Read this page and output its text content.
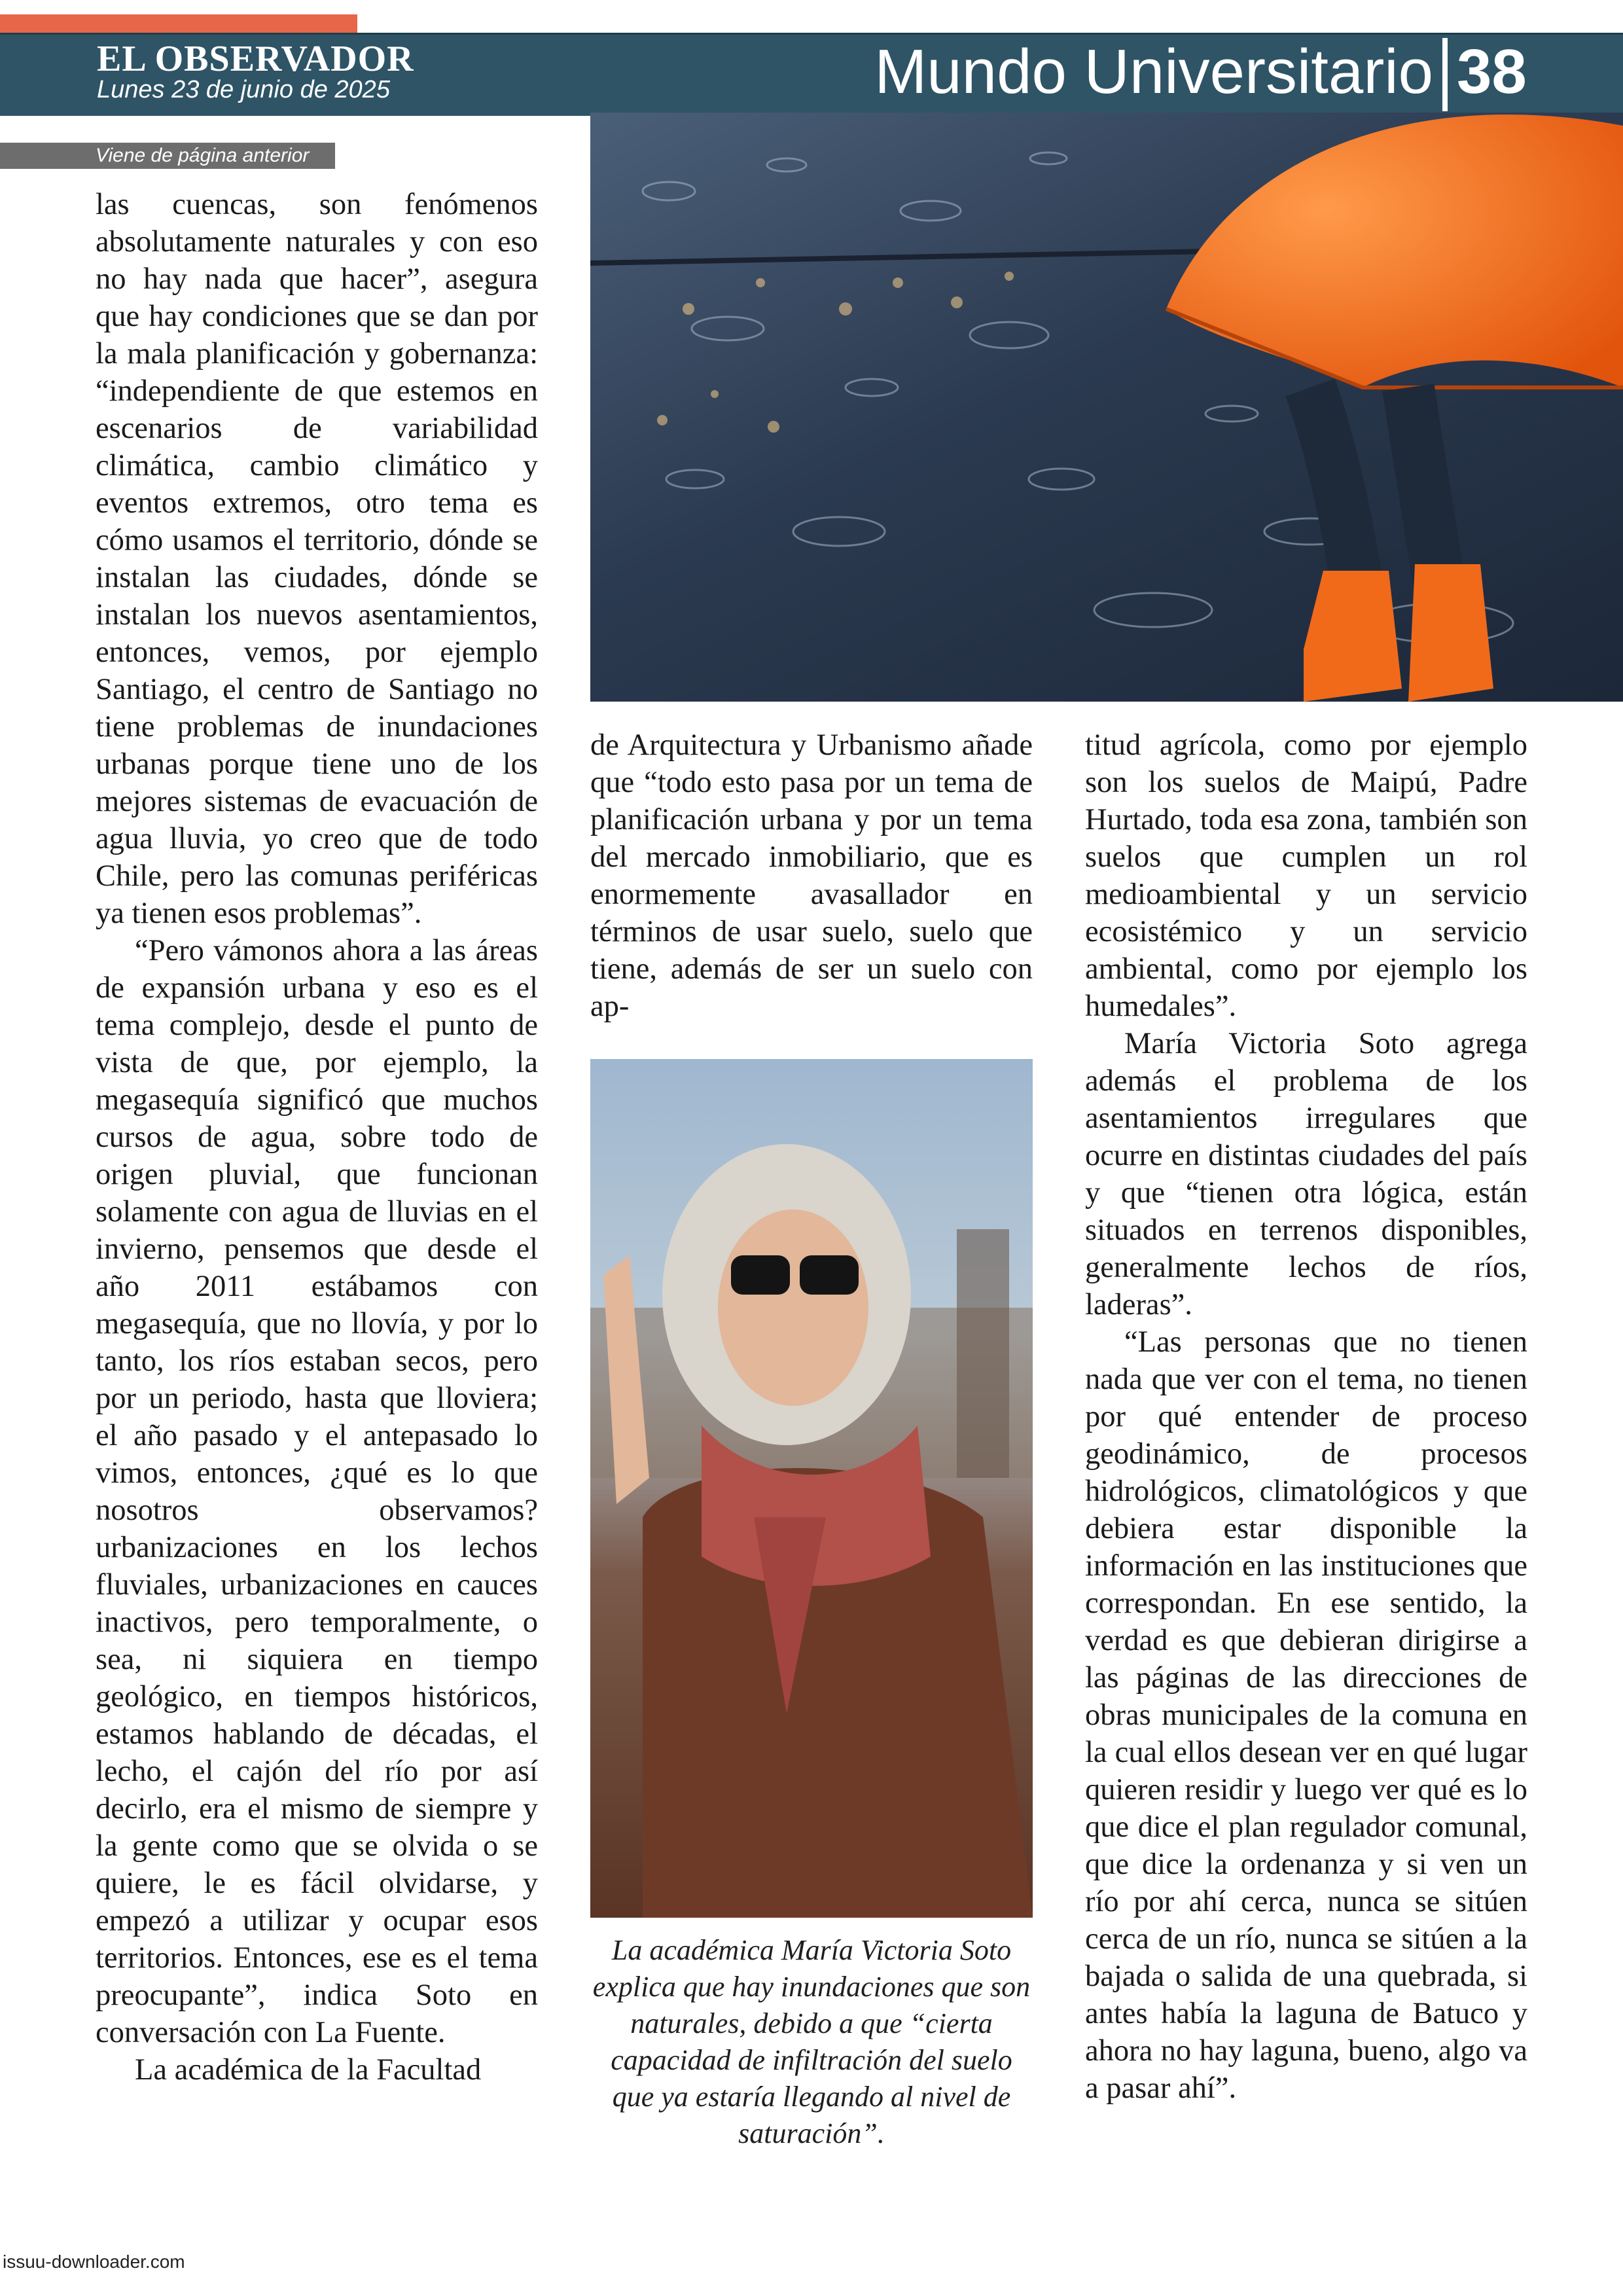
EL OBSERVADOR
Lunes 23 de junio de 2025	Mundo Universitario 38
Viene de página anterior

las cuencas, son fenómenos absolutamente naturales y con eso no hay nada que hacer”, asegura que hay condiciones que se dan por la mala planificación y gobernanza: “independiente de que estemos en escenarios de variabilidad climática, cambio climático y eventos extremos, otro tema es cómo usamos el territorio, dónde se instalan las ciudades, dónde se instalan los nuevos asentamientos, entonces, vemos, por ejemplo Santiago, el centro de Santiago no tiene problemas de inundaciones urbanas porque tiene uno de los mejores sistemas de evacuación de agua lluvia, yo creo que de todo Chile, pero las comunas periféricas ya tienen esos problemas”.

“Pero vámonos ahora a las áreas de expansión urbana y eso es el tema complejo, desde el punto de vista de que, por ejemplo, la megasequía significó que muchos cursos de agua, sobre todo de origen pluvial, que funcionan solamente con agua de lluvias en el invierno, pensemos que desde el año 2011 estábamos con megasequía, que no llovía, y por lo tanto, los ríos estaban secos, pero por un periodo, hasta que lloviera; el año pasado y el antepasado lo vimos, entonces, ¿qué es lo que nosotros observamos? urbanizaciones en los lechos fluviales, urbanizaciones en cauces inactivos, pero temporalmente, o sea, ni siquiera en tiempo geológico, en tiempos históricos, estamos hablando de décadas, el lecho, el cajón del río por así decirlo, era el mismo de siempre y la gente como que se olvida o se quiere, le es fácil olvidarse, y empezó a utilizar y ocupar esos territorios. Entonces, ese es el tema preocupante”, indica Soto en conversación con La Fuente.

La académica de la Facultad

de Arquitectura y Urbanismo añade que “todo esto pasa por un tema de planificación urbana y por un tema del mercado inmobiliario, que es enormemente avasallador en términos de usar suelo, suelo que tiene, además de ser un suelo con ap-

La académica María Victoria Soto explica que hay inundaciones que son naturales, debido a que “cierta capacidad de infiltración del suelo que ya estaría llegando al nivel de saturación”.

titud agrícola, como por ejemplo son los suelos de Maipú, Padre Hurtado, toda esa zona, también son suelos que cumplen un rol medioambiental y un servicio ecosistémico y un servicio ambiental, como por ejemplo los humedales”.

María Victoria Soto agrega además el problema de los asentamientos irregulares que ocurre en distintas ciudades del país y que “tienen otra lógica, están situados en terrenos disponibles, generalmente lechos de ríos, laderas”.

“Las personas que no tienen nada que ver con el tema, no tienen por qué entender de proceso geodinámico, de procesos hidrológicos, climatológicos y que debiera estar disponible la información en las instituciones que correspondan. En ese sentido, la verdad es que debieran dirigirse a las páginas de las direcciones de obras municipales de la comuna en la cual ellos desean ver en qué lugar quieren residir y luego ver qué es lo que dice el plan regulador comunal, que dice la ordenanza y si ven un río por ahí cerca, nunca se sitúen cerca de un río, nunca se sitúen a la bajada o salida de una quebrada, si antes había la laguna de Batuco y ahora no hay laguna, bueno, algo va a pasar ahí”.

issuu-downloader.com
